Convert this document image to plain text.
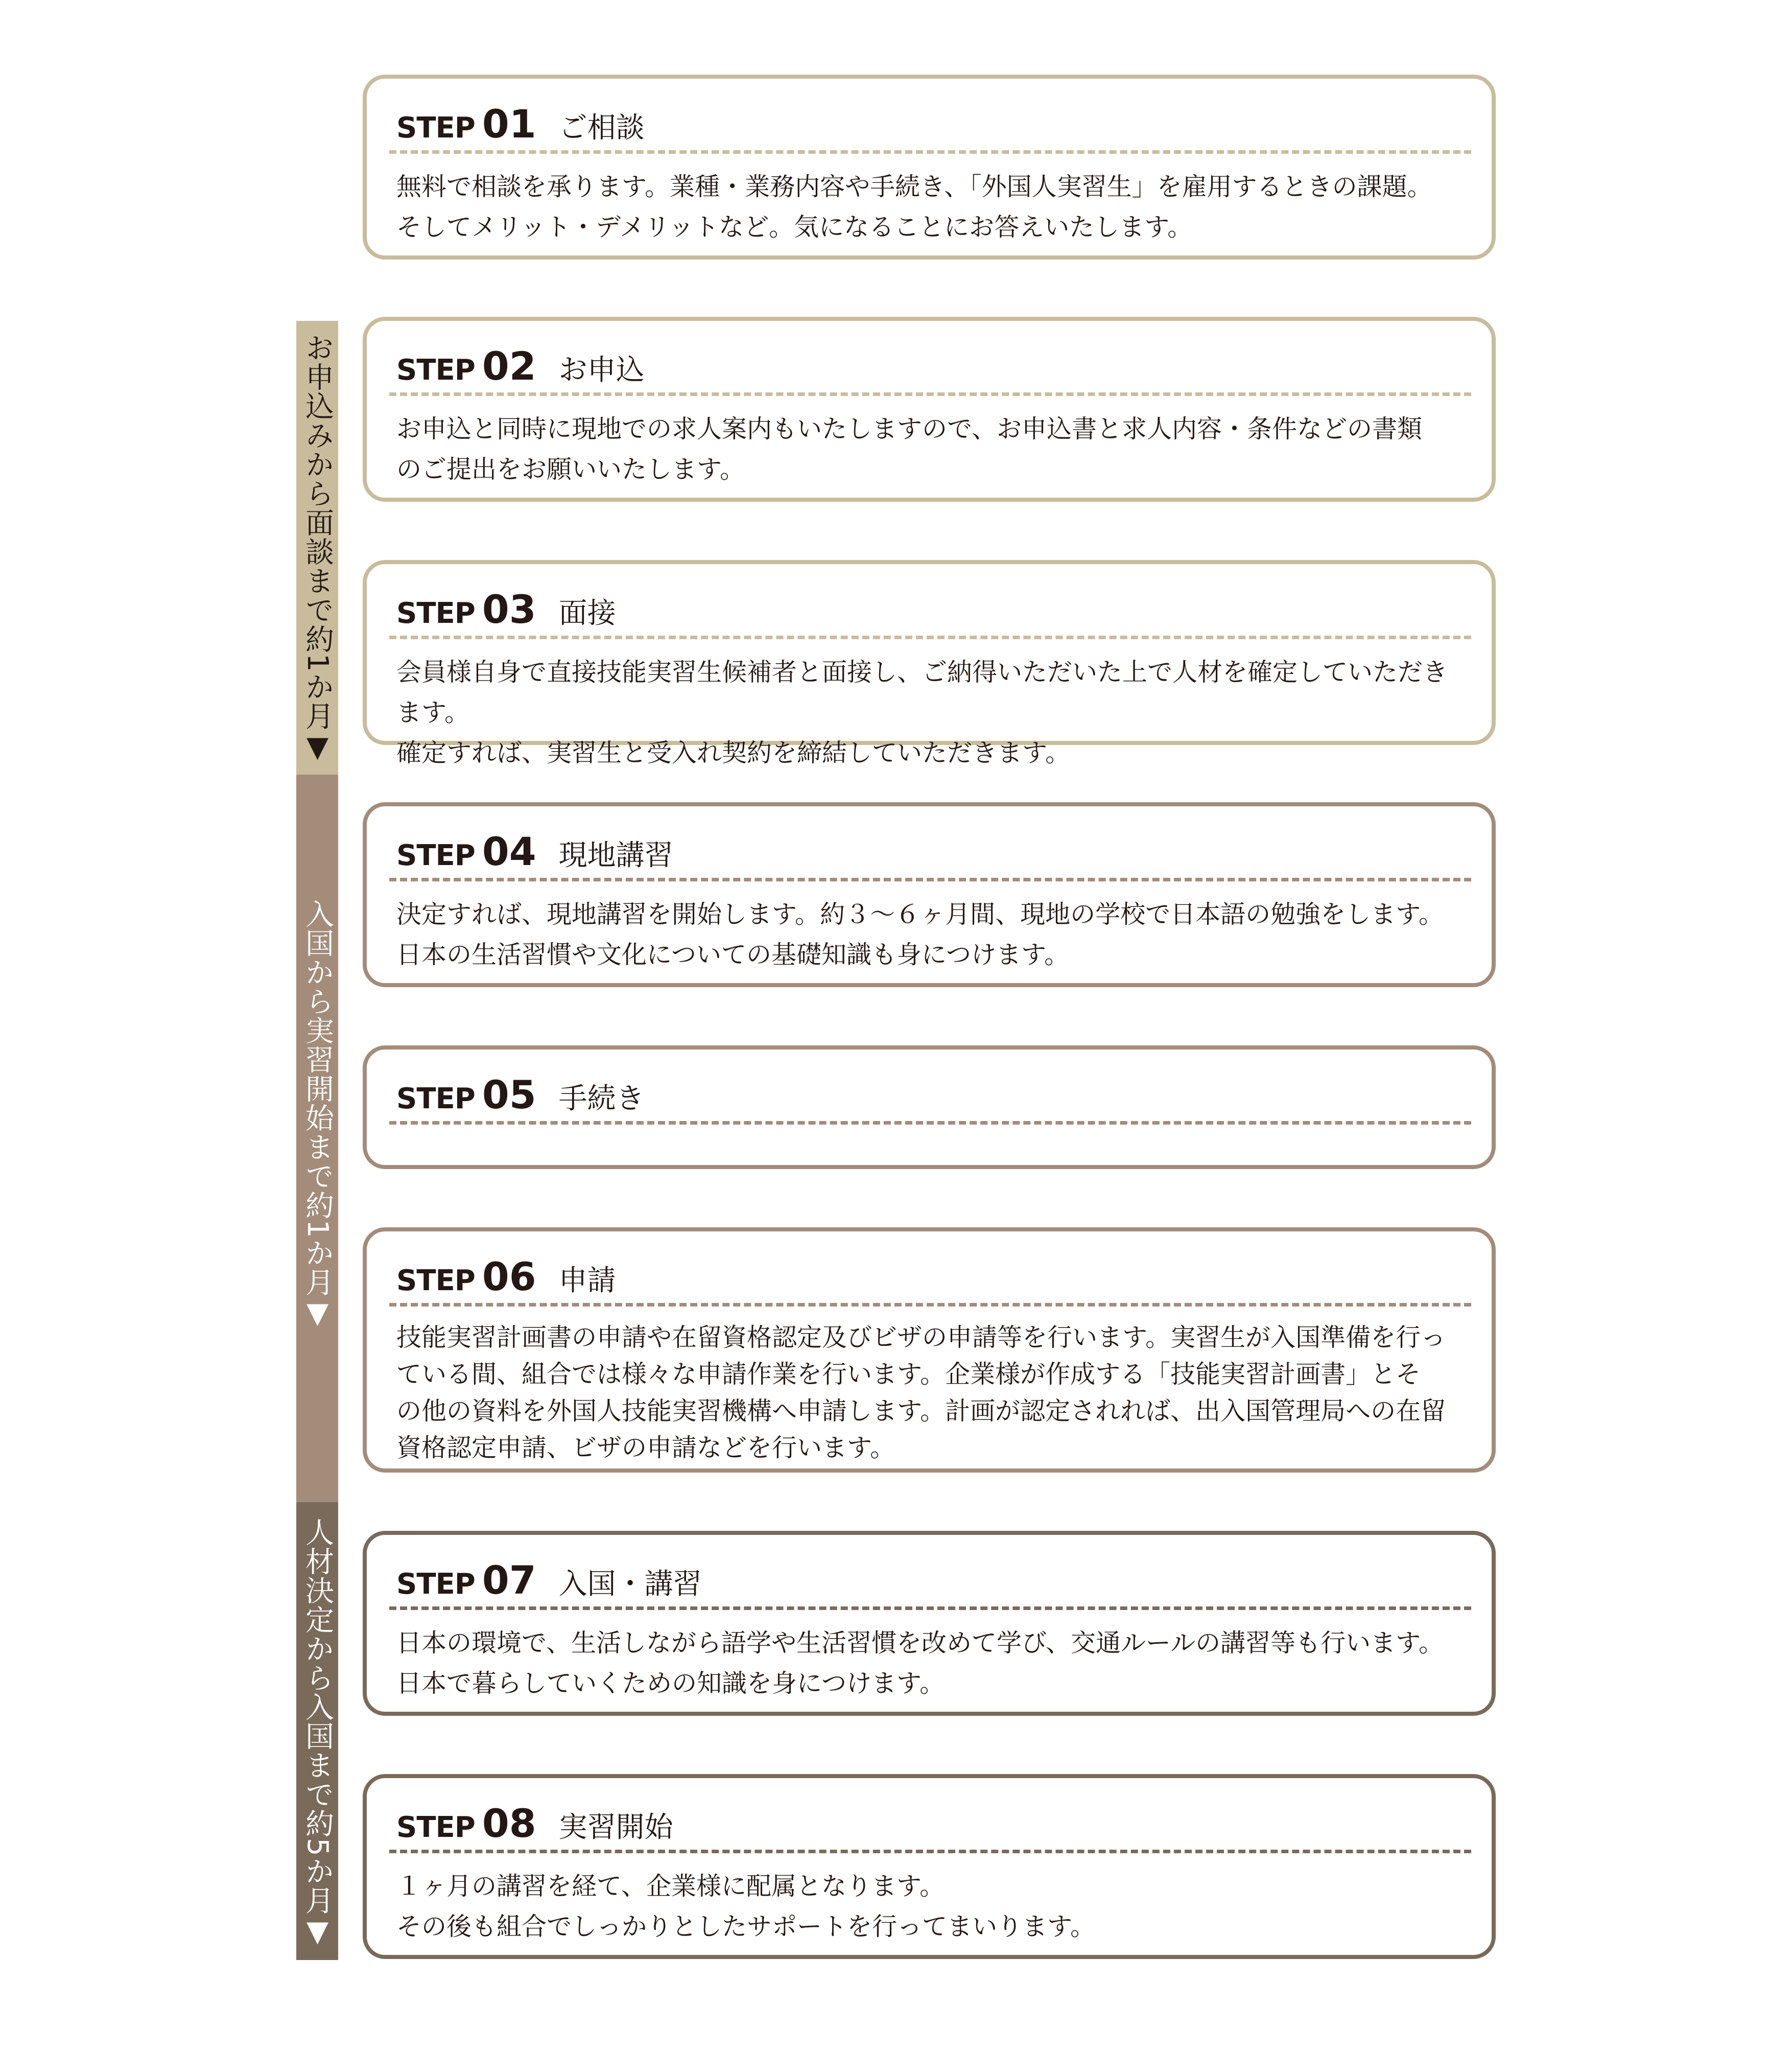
お申込みから面談まで約1か月▼
入国から実習開始まで約1か月▼
人材決定から入国まで約5か月▼
STEP 01 ご相談
無料で相談を承ります。業種・業務内容や手続き、「外国人実習生」を雇用するときの課題。
そしてメリット・デメリットなど。気になることにお答えいたします。
STEP 02 お申込
お申込と同時に現地での求人案内もいたしますので、お申込書と求人内容・条件などの書類
のご提出をお願いいたします。
STEP 03 面接
会員様自身で直接技能実習生候補者と面接し、ご納得いただいた上で人材を確定していただきます。
確定すれば、実習生と受入れ契約を締結していただきます。
STEP 04 現地講習
決定すれば、現地講習を開始します。約３～６ヶ月間、現地の学校で日本語の勉強をします。
日本の生活習慣や文化についての基礎知識も身につけます。
STEP 05 手続き
STEP 06 申請
技能実習計画書の申請や在留資格認定及びビザの申請等を行います。実習生が入国準備を行っ
ている間、組合では様々な申請作業を行います。企業様が作成する「技能実習計画書」とそ
の他の資料を外国人技能実習機構へ申請します。計画が認定されれば、出入国管理局への在留
資格認定申請、ビザの申請などを行います。
STEP 07 入国・講習
日本の環境で、生活しながら語学や生活習慣を改めて学び、交通ルールの講習等も行います。
日本で暮らしていくための知識を身につけます。
STEP 08 実習開始
１ヶ月の講習を経て、企業様に配属となります。
その後も組合でしっかりとしたサポートを行ってまいります。
